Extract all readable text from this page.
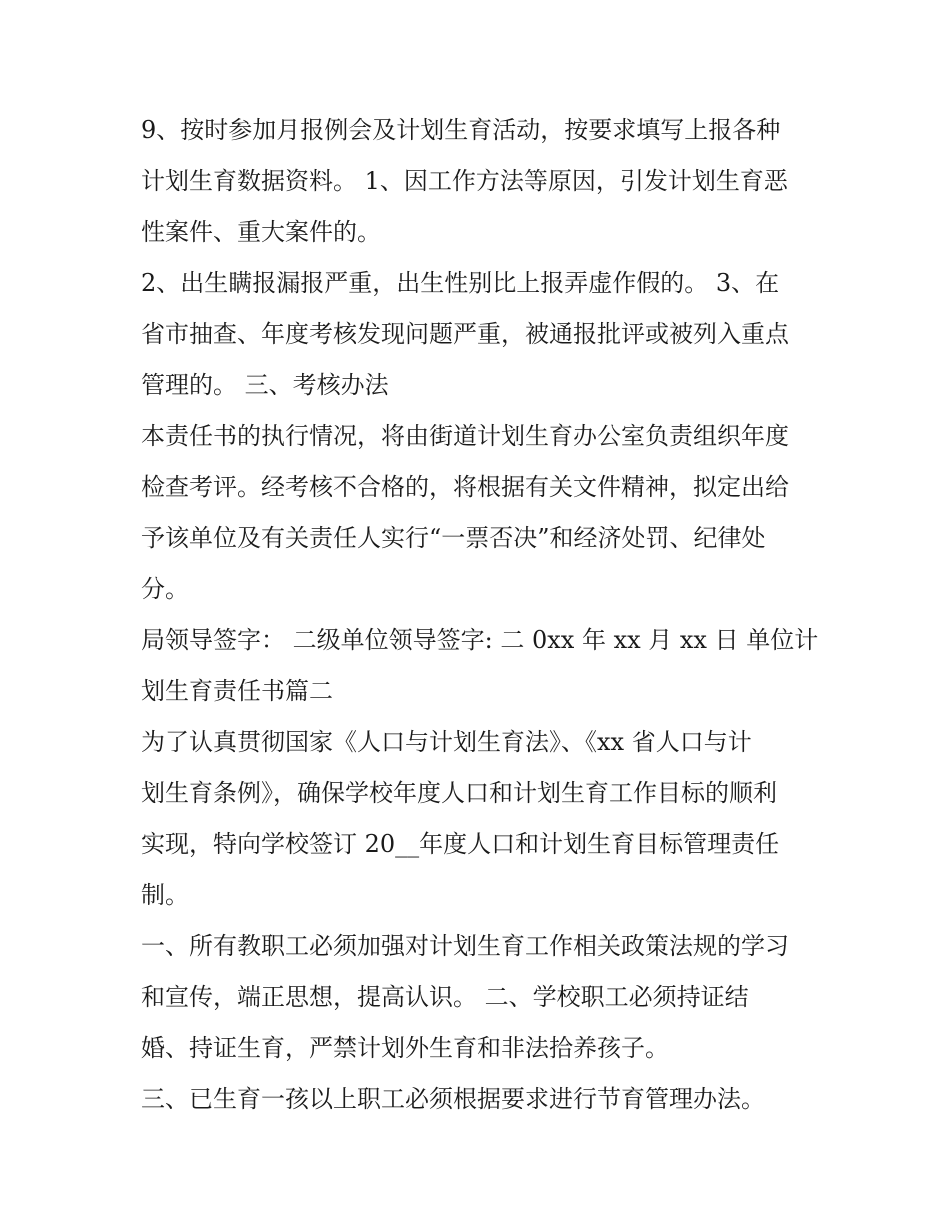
9、按时参加月报例会及计划生育活动，按要求填写上报各种
计划生育数据资料。 1、因工作方法等原因，引发计划生育恶
性案件、重大案件的。
2、出生瞒报漏报严重，出生性别比上报弄虚作假的。 3、在
省市抽查、年度考核发现问题严重，被通报批评或被列入重点
管理的。 三、考核办法
本责任书的执行情况，将由街道计划生育办公室负责组织年度
检查考评。经考核不合格的，将根据有关文件精神，拟定出给
予该单位及有关责任人实行“一票否决”和经济处罚、纪律处
分。
局领导签字： 二级单位领导签字: 二 0xx 年 xx 月 xx 日 单位计
划生育责任书篇二
为了认真贯彻国家《人口与计划生育法》、《xx 省人口与计
划生育条例》，确保学校年度人口和计划生育工作目标的顺利
实现，特向学校签订 20__年度人口和计划生育目标管理责任
制。
一、所有教职工必须加强对计划生育工作相关政策法规的学习
和宣传，端正思想，提高认识。 二、学校职工必须持证结
婚、持证生育，严禁计划外生育和非法拾养孩子。
三、已生育一孩以上职工必须根据要求进行节育管理办法。
